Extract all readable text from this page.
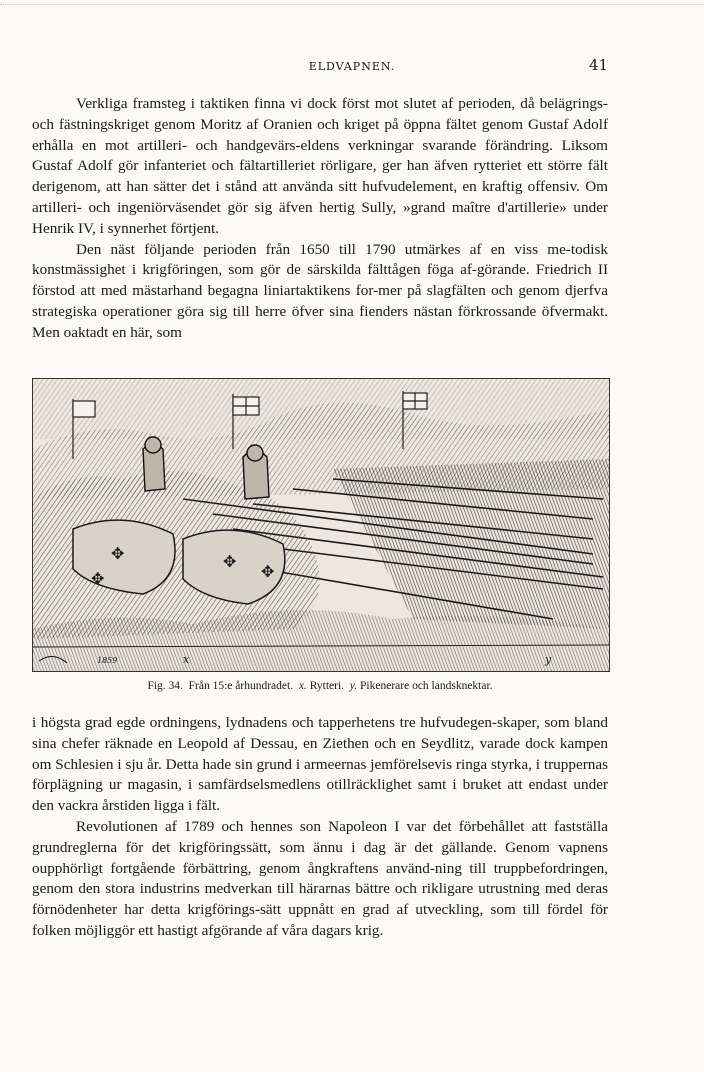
ELDVAPNEN.	41

Verkliga framsteg i taktiken finna vi dock först mot slutet af perioden, då belägrings- och fästningskriget genom Moritz af Oranien och kriget på öppna fältet genom Gustaf Adolf erhålla en mot artilleri- och handgevärs-eldens verkningar svarande förändring. Liksom Gustaf Adolf gör infanteriet och fältartilleriet rörligare, ger han äfven rytteriet ett större fält derigenom, att han sätter det i stånd att använda sitt hufvudelement, en kraftig offensiv. Om artilleri- och ingeniörväsendet gör sig äfven hertig Sully, »grand maître d'artillerie» under Henrik IV, i synnerhet förtjent.

Den näst följande perioden från 1650 till 1790 utmärkes af en viss me-todisk konstmässighet i krigföringen, som gör de särskilda fälttågen föga af-görande. Friedrich II förstod att med mästarhand begagna liniartaktikens for-mer på slagfälten och genom djerfva strategiska operationer göra sig till herre öfver sina fienders nästan förkrossande öfvermakt. Men oaktadt en här, som

✥
✥
✥
✥
x	y
1859
Fig. 34. Från 15:e århundradet. x. Rytteri. y. Pikenerare och landsknektar.

i högsta grad egde ordningens, lydnadens och tapperhetens tre hufvudegen-skaper, som bland sina chefer räknade en Leopold af Dessau, en Ziethen och en Seydlitz, varade dock kampen om Schlesien i sju år. Detta hade sin grund i armeernas jemförelsevis ringa styrka, i truppernas förplägning ur magasin, i samfärdselsmedlens otillräcklighet samt i bruket att endast under den vackra årstiden ligga i fält.

Revolutionen af 1789 och hennes son Napoleon I var det förbehållet att fastställa grundreglerna för det krigföringssätt, som ännu i dag är det gällande. Genom vapnens oupphörligt fortgående förbättring, genom ångkraftens använd-ning till truppbefordringen, genom den stora industrins medverkan till härarnas bättre och rikligare utrustning med deras förnödenheter har detta krigförings-sätt uppnått en grad af utveckling, som till fördel för folken möjliggör ett hastigt afgörande af våra dagars krig.
